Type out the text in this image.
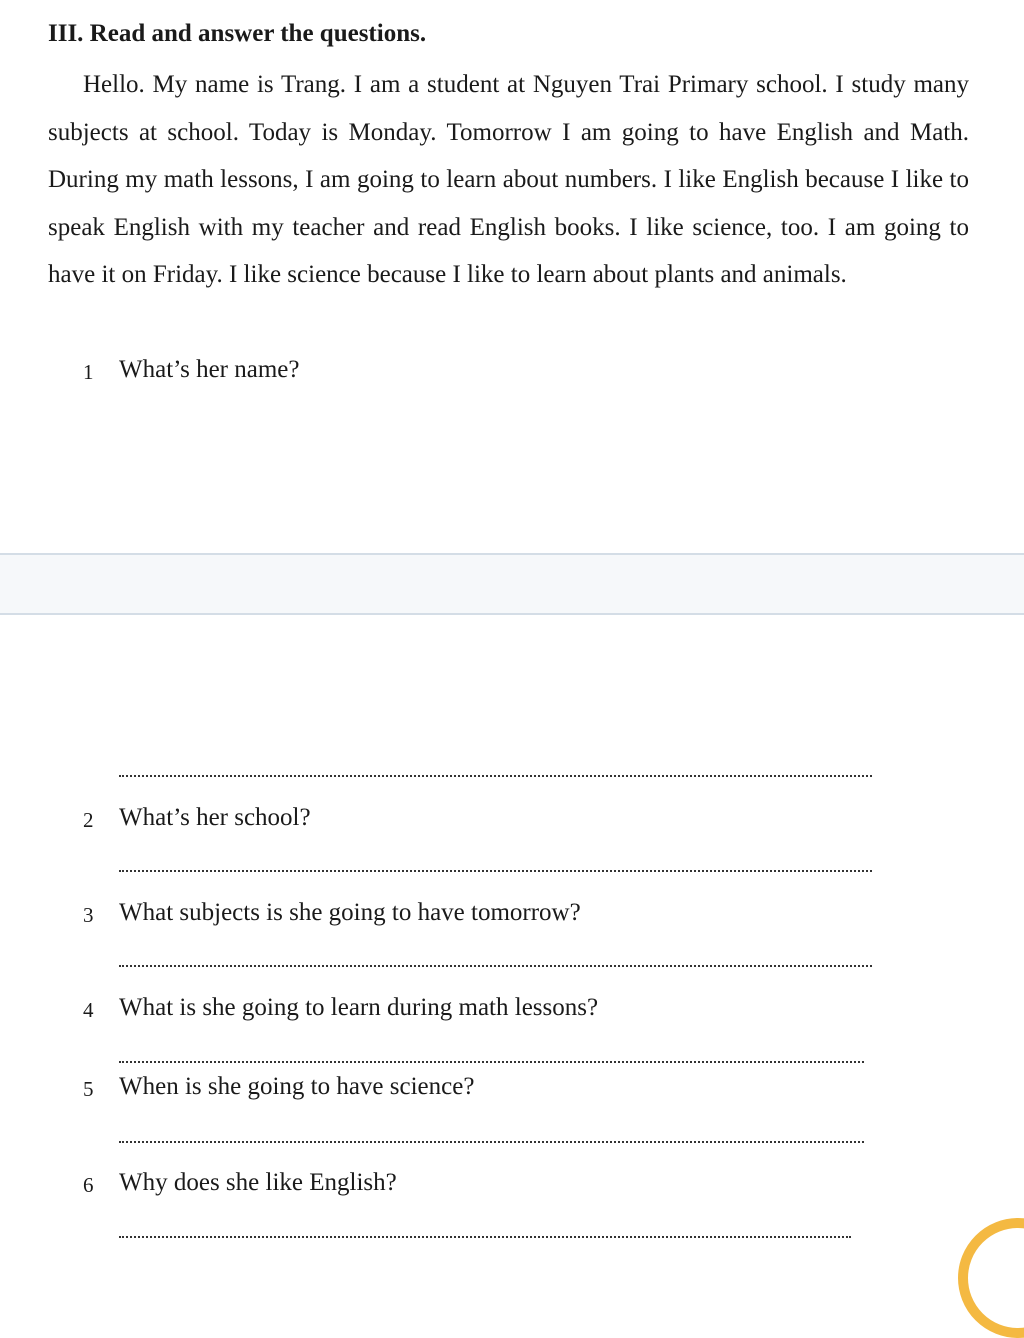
III. Read and answer the questions.

Hello. My name is Trang. I am a student at Nguyen Trai Primary school. I study many subjects at school. Today is Monday. Tomorrow I am going to have English and Math. During my math lessons, I am going to learn about numbers. I like English because I like to speak English with my teacher and read English books. I like science, too. I am going to have it on Friday. I like science because I like to learn about plants and animals.

1 What’s her name?
2 What’s her school?
3 What subjects is she going to have tomorrow?
4 What is she going to learn during math lessons?
5 When is she going to have science?
6 Why does she like English?
